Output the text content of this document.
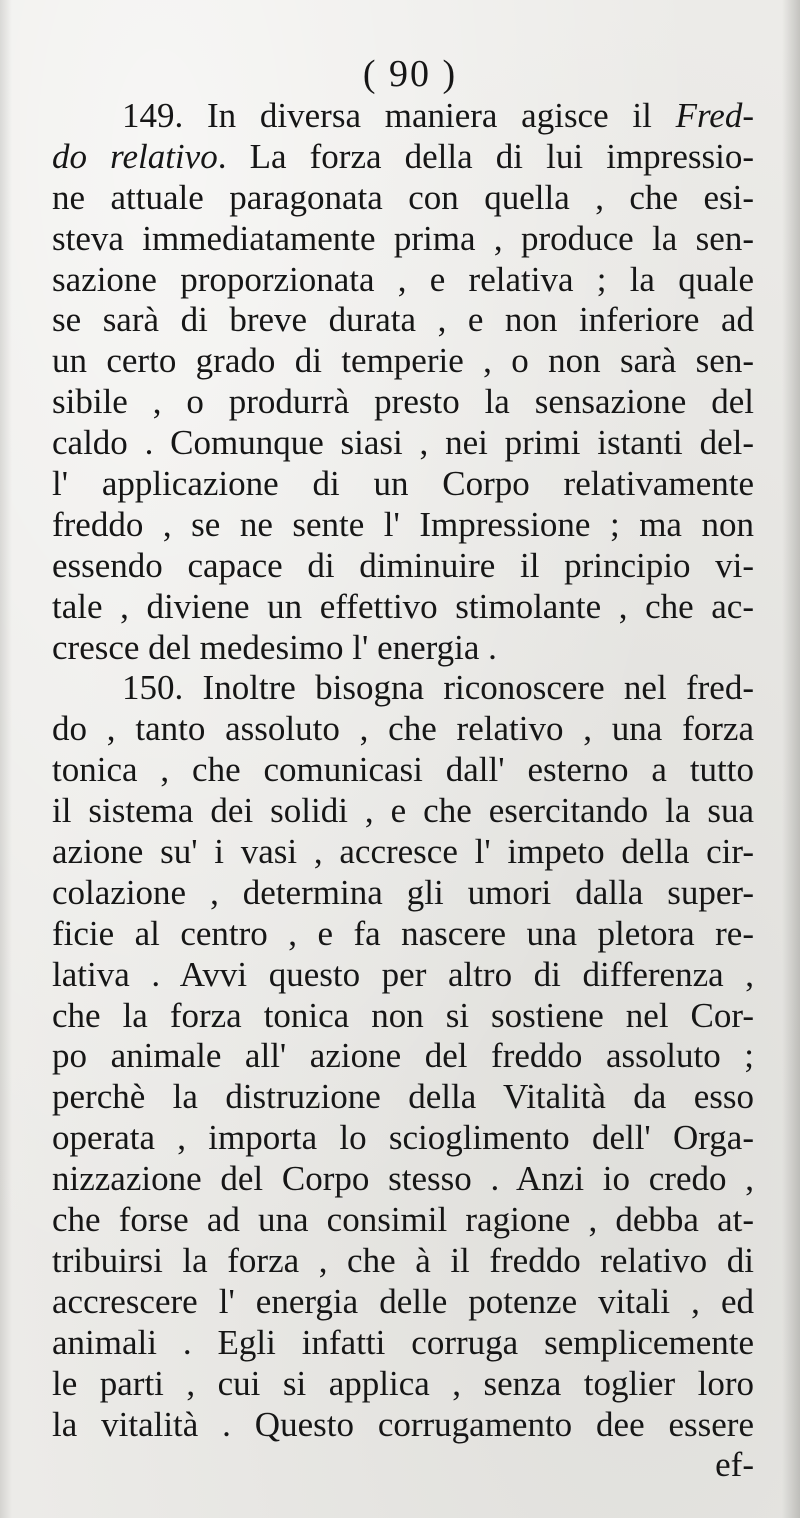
( 90 )
149. In diversa maniera agisce il Fred-
do relativo. La forza della di lui impressio-
ne attuale paragonata con quella , che esi-
steva immediatamente prima , produce la sen-
sazione proporzionata , e relativa ; la quale
se sarà di breve durata , e non inferiore ad
un certo grado di temperie , o non sarà sen-
sibile , o produrrà presto la sensazione del
caldo . Comunque siasi , nei primi istanti del-
l' applicazione di un Corpo relativamente
freddo , se ne sente l' Impressione ; ma non
essendo capace di diminuire il principio vi-
tale , diviene un effettivo stimolante , che ac-
cresce del medesimo l' energia .
150. Inoltre bisogna riconoscere nel fred-
do , tanto assoluto , che relativo , una forza
tonica , che comunicasi dall' esterno a tutto
il sistema dei solidi , e che esercitando la sua
azione su' i vasi , accresce l' impeto della cir-
colazione , determina gli umori dalla super-
ficie al centro , e fa nascere una pletora re-
lativa . Avvi questo per altro di differenza ,
che la forza tonica non si sostiene nel Cor-
po animale all' azione del freddo assoluto ;
perchè la distruzione della Vitalità da esso
operata , importa lo scioglimento dell' Orga-
nizzazione del Corpo stesso . Anzi io credo ,
che forse ad una consimil ragione , debba at-
tribuirsi la forza , che à il freddo relativo di
accrescere l' energia delle potenze vitali , ed
animali . Egli infatti corruga semplicemente
le parti , cui si applica , senza toglier loro
la vitalità . Questo corrugamento dee essere
ef-
